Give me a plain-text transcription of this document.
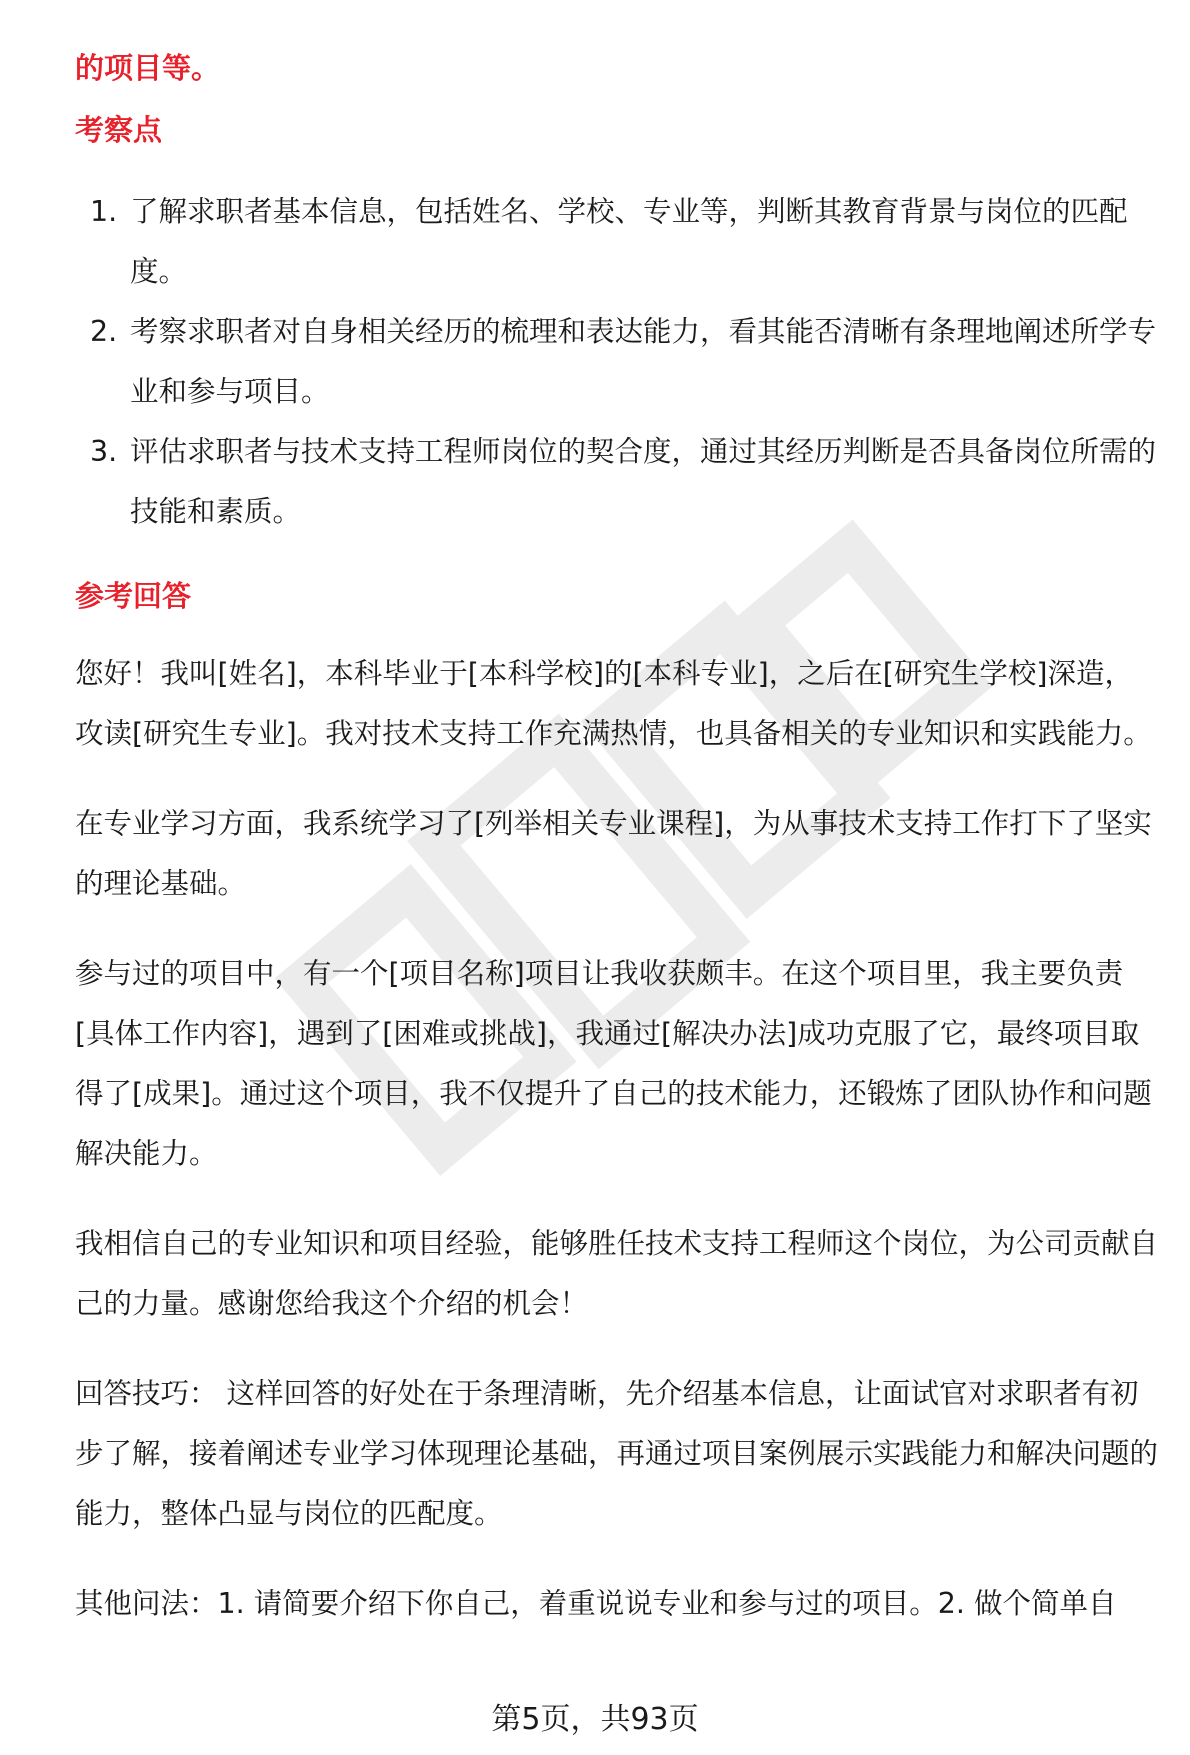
的项目等。

考察点
1. 了解求职者基本信息，包括姓名、学校、专业等，判断其教育背景与岗位的匹配度。
2. 考察求职者对自身相关经历的梳理和表达能力，看其能否清晰有条理地阐述所学专业和参与项目。
3. 评估求职者与技术支持工程师岗位的契合度，通过其经历判断是否具备岗位所需的技能和素质。
参考回答

您好！我叫[姓名]，本科毕业于[本科学校]的[本科专业]，之后在[研究生学校]深造，攻读[研究生专业]。我对技术支持工作充满热情，也具备相关的专业知识和实践能力。

在专业学习方面，我系统学习了[列举相关专业课程]，为从事技术支持工作打下了坚实的理论基础。

参与过的项目中，有一个[项目名称]项目让我收获颇丰。在这个项目里，我主要负责[具体工作内容]，遇到了[困难或挑战]，我通过[解决办法]成功克服了它，最终项目取得了[成果]。通过这个项目，我不仅提升了自己的技术能力，还锻炼了团队协作和问题解决能力。

我相信自己的专业知识和项目经验，能够胜任技术支持工程师这个岗位，为公司贡献自己的力量。感谢您给我这个介绍的机会！

回答技巧： 这样回答的好处在于条理清晰，先介绍基本信息，让面试官对求职者有初步了解，接着阐述专业学习体现理论基础，再通过项目案例展示实践能力和解决问题的能力，整体凸显与岗位的匹配度。

其他问法：1. 请简要介绍下你自己，着重说说专业和参与过的项目。2. 做个简单自

第5页，共93页
